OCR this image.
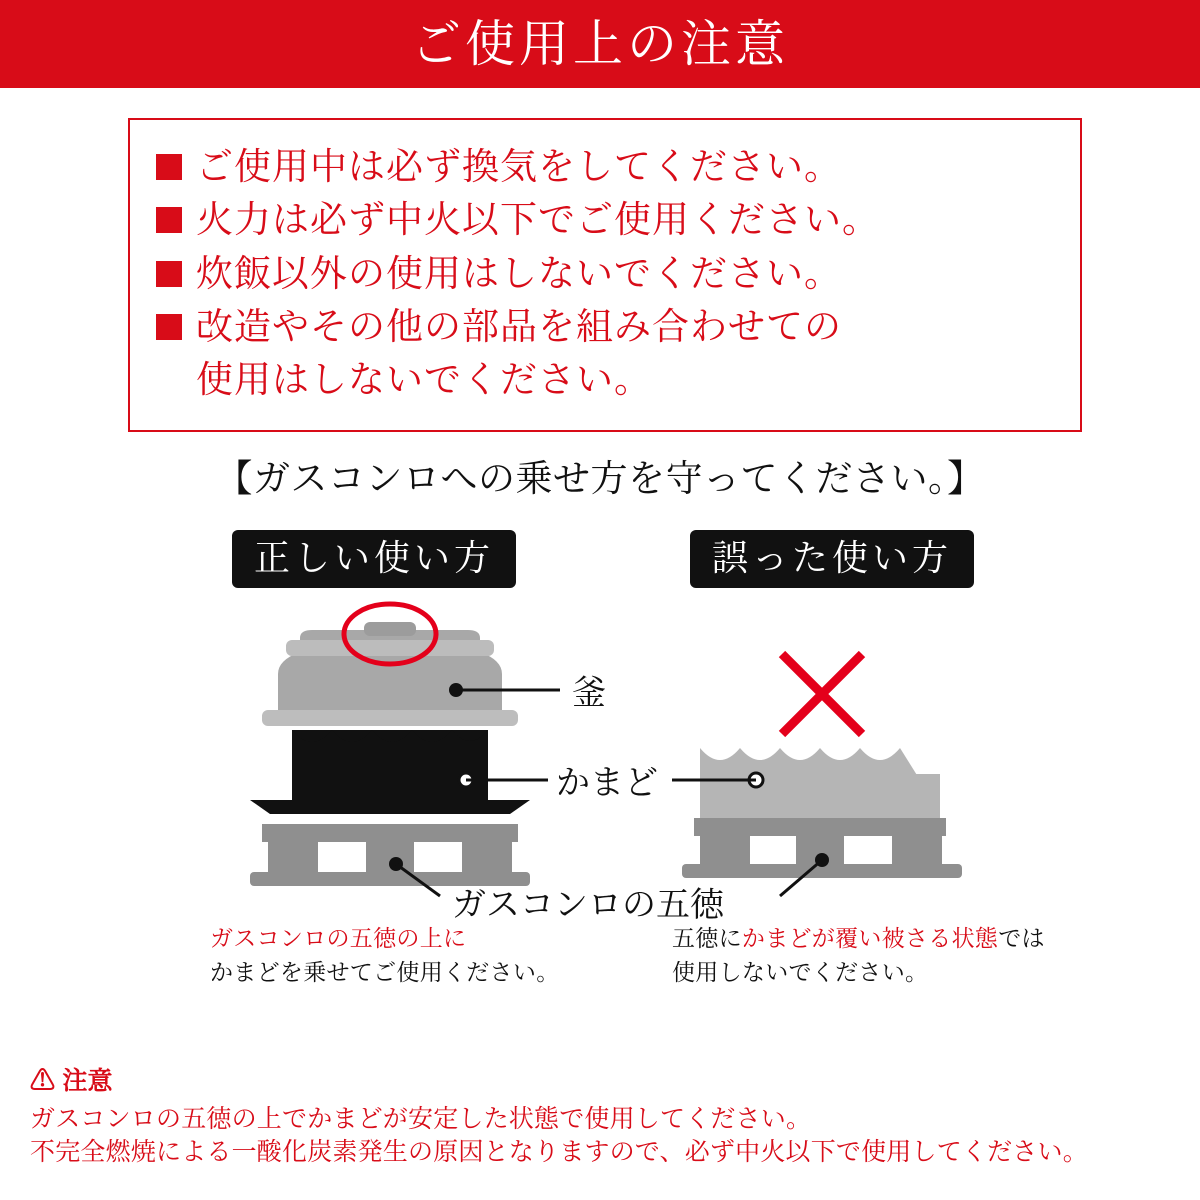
ご使用上の注意
ご使用中は必ず換気をしてください。
火力は必ず中火以下でご使用ください。
炊飯以外の使用はしないでください。
改造やその他の部品を組み合わせての
使用はしないでください。
【ガスコンロへの乗せ方を守ってください。】
正しい使い方	誤った使い方
釜
かまど
ガスコンロの五徳
ガスコンロの五徳の上に
かまどを乗せてご使用ください。
五徳にかまどが覆い被さる状態では
使用しないでください。
⚠ 注意
ガスコンロの五徳の上でかまどが安定した状態で使用してください。
不完全燃焼による一酸化炭素発生の原因となりますので、必ず中火以下で使用してください。
